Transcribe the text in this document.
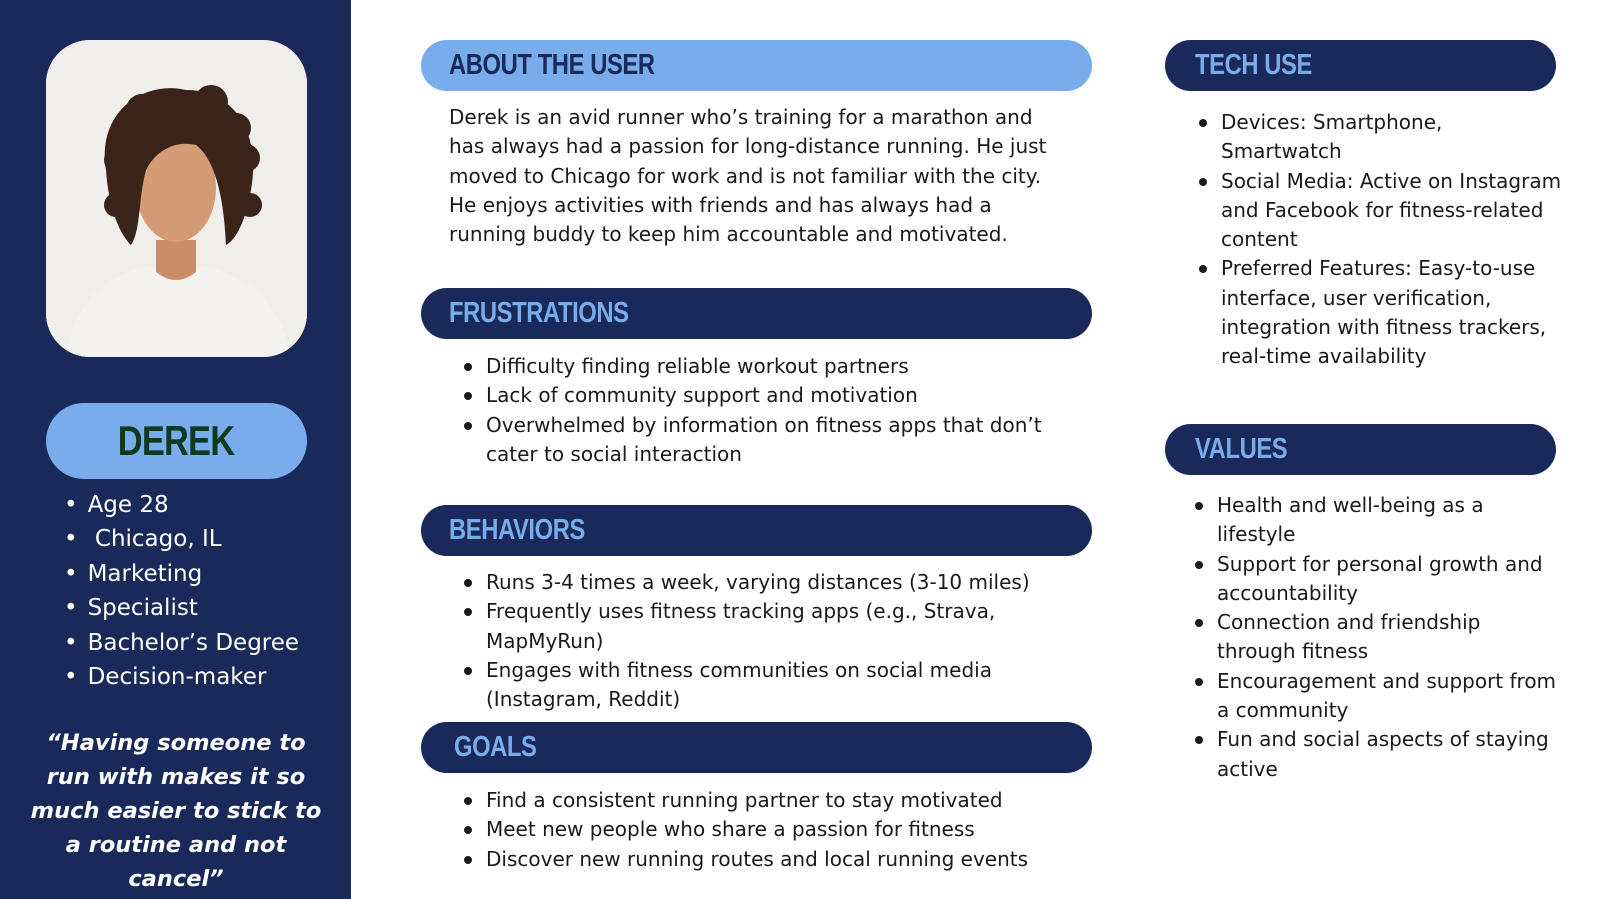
DEREK
• Age 28
• Chicago, IL
• Marketing
• Specialist
• Bachelor’s Degree
• Decision-maker

“Having someone to run with makes it so much easier to stick to a routine and not cancel”

ABOUT THE USER

Derek is an avid runner who’s training for a marathon and has always had a passion for long-distance running. He just moved to Chicago for work and is not familiar with the city. He enjoys activities with friends and has always had a running buddy to keep him accountable and motivated.

FRUSTRATIONS
Difficulty finding reliable workout partners
Lack of community support and motivation
Overwhelmed by information on fitness apps that don’t cater to social interaction
BEHAVIORS
Runs 3-4 times a week, varying distances (3-10 miles)
Frequently uses fitness tracking apps (e.g., Strava, MapMyRun)
Engages with fitness communities on social media (Instagram, Reddit)
GOALS
Find a consistent running partner to stay motivated
Meet new people who share a passion for fitness
Discover new running routes and local running events
TECH USE
Devices: Smartphone, Smartwatch
Social Media: Active on Instagram and Facebook for fitness-related content
Preferred Features: Easy-to-use interface, user verification, integration with fitness trackers, real-time availability
VALUES
Health and well-being as a lifestyle
Support for personal growth and accountability
Connection and friendship through fitness
Encouragement and support from a community
Fun and social aspects of staying active
